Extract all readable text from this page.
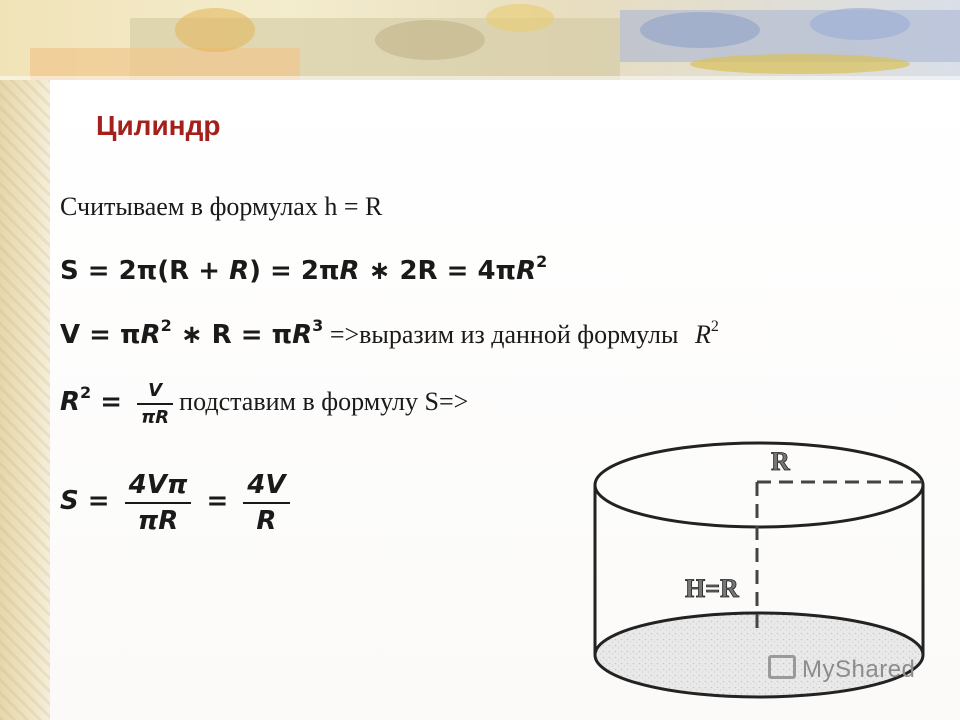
Цилиндр
Считываем в формулах h = R
S = 2π(R + R) = 2πR ∗ $2R = 4\pi R^2$
$V = \pi R^2$ ∗ $R = \pi R^3$ =>выразим из данной формулы $R^2$
$R^2 = \frac{V}{\pi R}$ подставим в формулу S=>
$S = \frac{4V\pi}{\pi R} = \frac{4V}{R}$
R
H=R
MyShared
